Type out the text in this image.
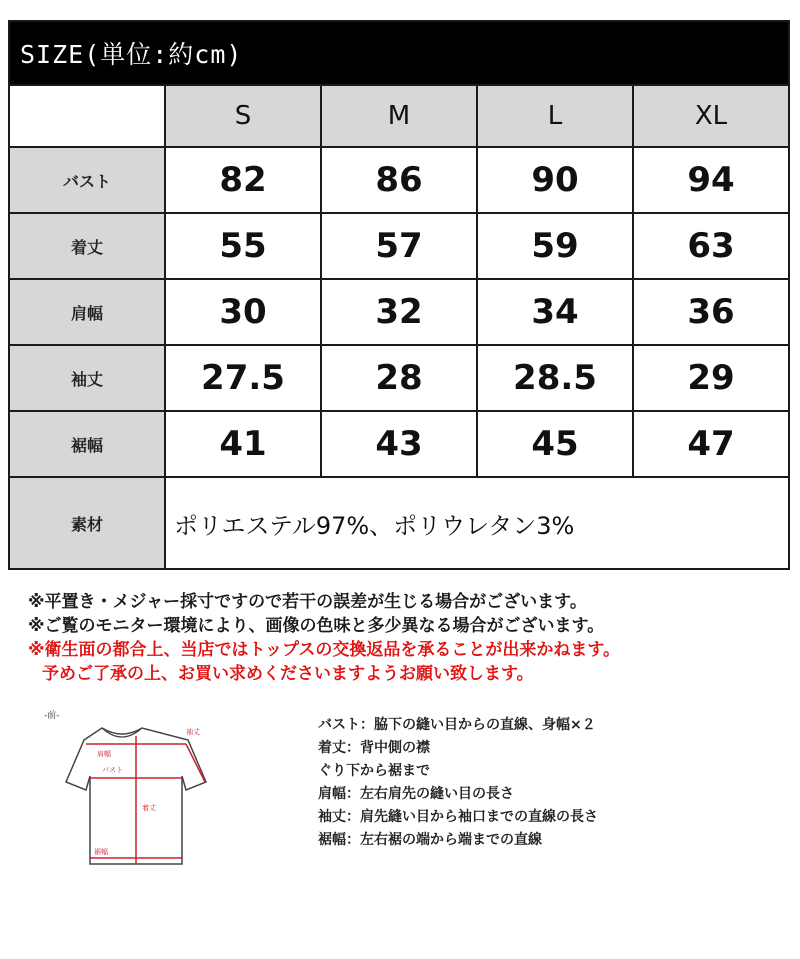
SIZE(単位:約cm)				
	S	M	L	XL
バスト	82	86	90	94
着丈	55	57	59	63
肩幅	30	32	34	36
袖丈	27.5	28	28.5	29
裾幅	41	43	45	47
素材	ポリエステル97%、ポリウレタン3%			

※平置き・メジャー採寸ですので若干の誤差が生じる場合がございます。

※ご覧のモニター環境により、画像の色味と多少異なる場合がございます。

※衛生面の都合上、当店ではトップスの交換返品を承ることが出来かねます。

予めご了承の上、お買い求めくださいますようお願い致します。

-前-
肩幅
袖丈
バスト
着丈
裾幅

バスト：脇下の縫い目からの直線、身幅×２

着丈：背中側の襟

ぐり下から裾まで

肩幅：左右肩先の縫い目の長さ

袖丈：肩先縫い目から袖口までの直線の長さ

裾幅：左右裾の端から端までの直線
